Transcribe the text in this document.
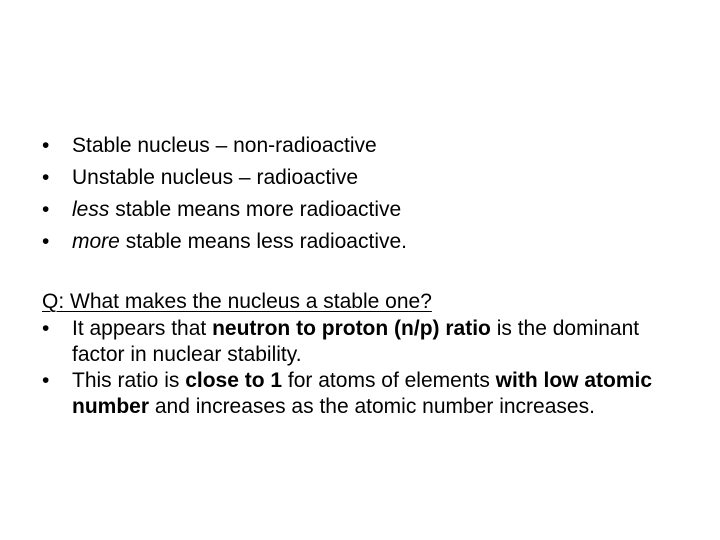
•	Stable nucleus – non-radioactive
•	Unstable nucleus – radioactive
•	less stable means more radioactive
•	more stable means less radioactive.
Q: What makes the nucleus a stable one?
•	It appears that neutron to proton (n/p) ratio is the dominant factor in nuclear stability.
•	This ratio is close to 1 for atoms of elements with low atomic number and increases as the atomic number increases.
